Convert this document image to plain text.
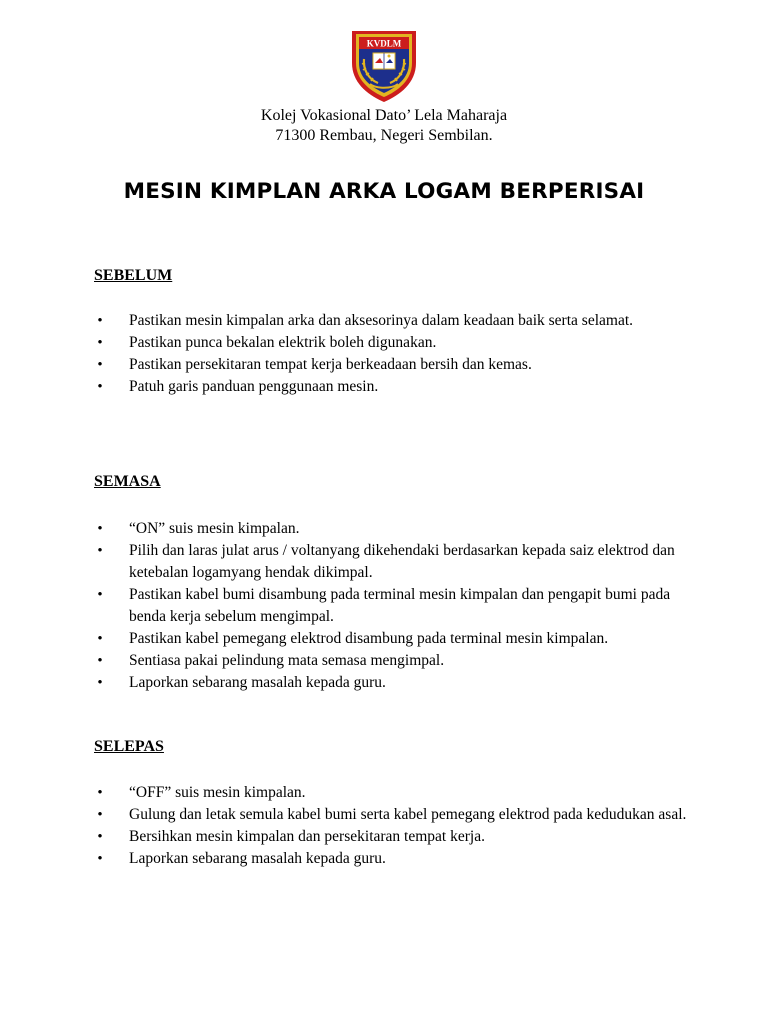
KVDLM
Kolej Vokasional Dato’ Lela Maharaja
71300 Rembau, Negeri Sembilan.
MESIN KIMPLAN ARKA LOGAM BERPERISAI
SEBELUM
• Pastikan mesin kimpalan arka dan aksesorinya dalam keadaan baik serta selamat.
• Pastikan punca bekalan elektrik boleh digunakan.
• Pastikan persekitaran tempat kerja berkeadaan bersih dan kemas.
• Patuh garis panduan penggunaan mesin.
SEMASA
• “ON” suis mesin kimpalan.
• Pilih dan laras julat arus / voltanyang dikehendaki berdasarkan kepada saiz elektrod dan ketebalan logamyang hendak dikimpal.
• Pastikan kabel bumi disambung pada terminal mesin kimpalan dan pengapit bumi pada benda kerja sebelum mengimpal.
• Pastikan kabel pemegang elektrod disambung pada terminal mesin kimpalan.
• Sentiasa pakai pelindung mata semasa mengimpal.
• Laporkan sebarang masalah kepada guru.
SELEPAS
• “OFF” suis mesin kimpalan.
• Gulung dan letak semula kabel bumi serta kabel pemegang elektrod pada kedudukan asal.
• Bersihkan mesin kimpalan dan persekitaran tempat kerja.
• Laporkan sebarang masalah kepada guru.
